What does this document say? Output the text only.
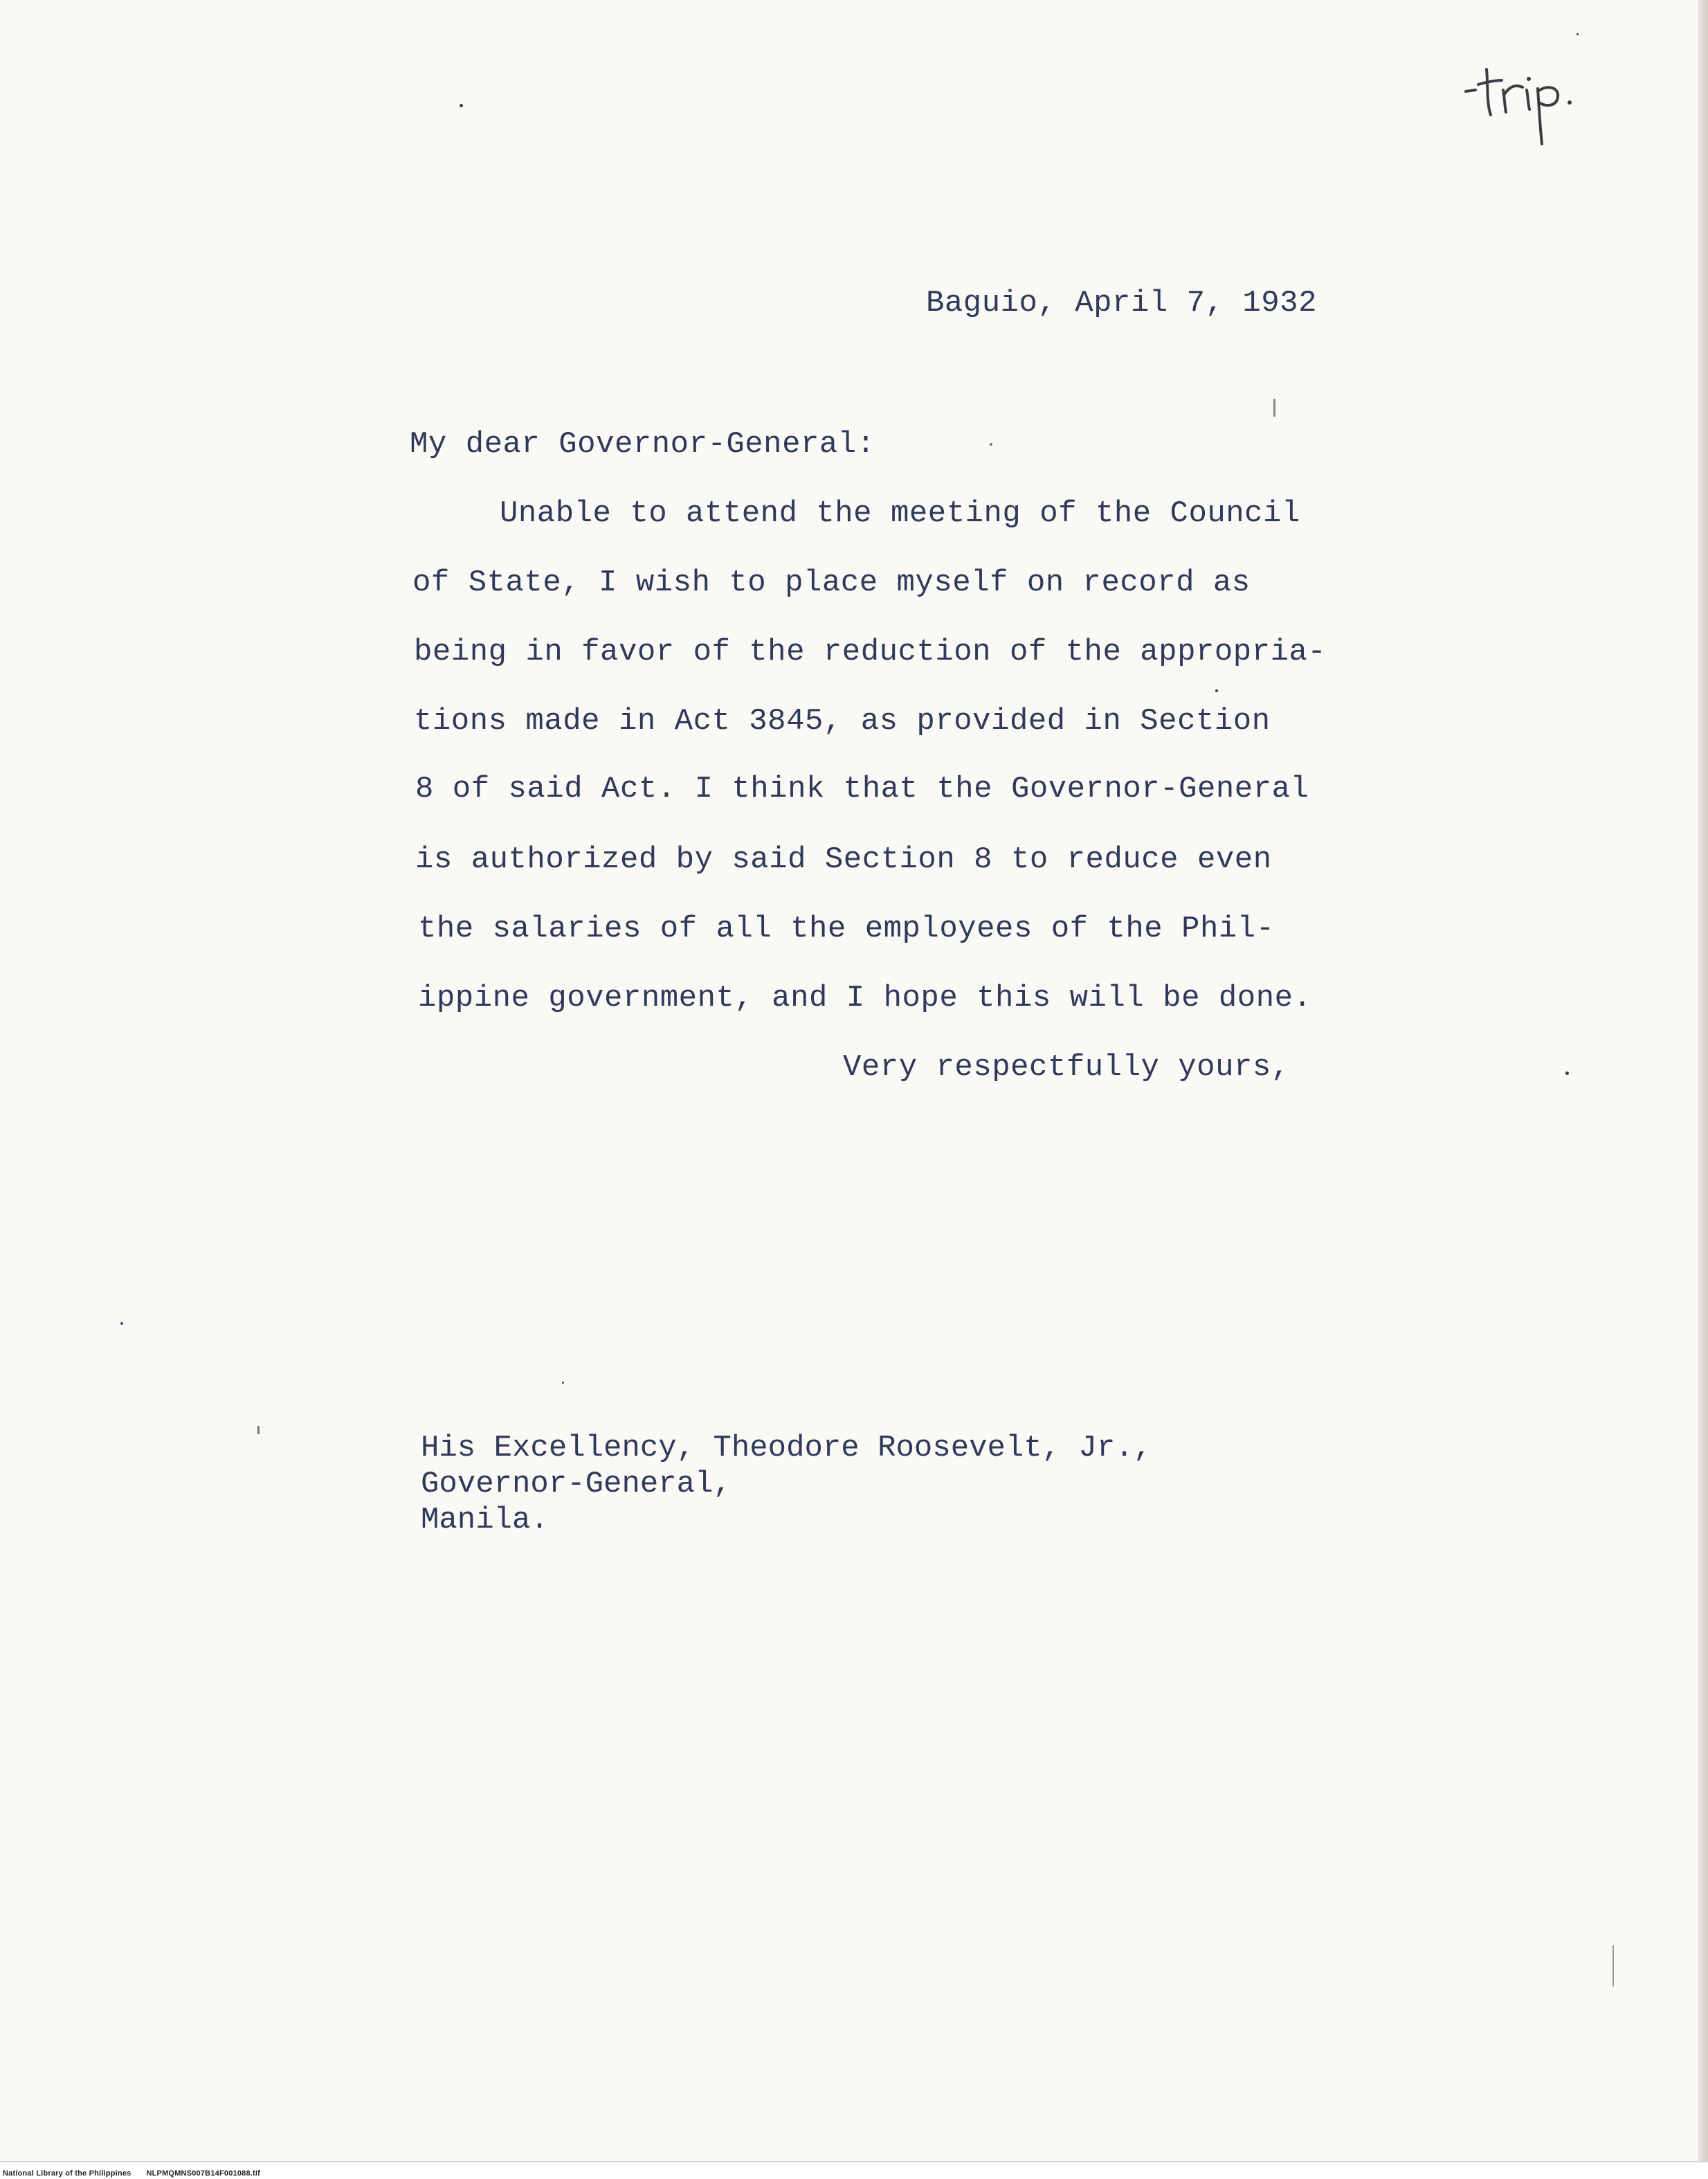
Baguio, April 7, 1932
My dear Governor-General:
Unable to attend the meeting of the Council
of State, I wish to place myself on record as
being in favor of the reduction of the appropria-
tions made in Act 3845, as provided in Section
8 of said Act. I think that the Governor-General
is authorized by said Section 8 to reduce even
the salaries of all the employees of the Phil-
ippine government, and I hope this will be done.
Very respectfully yours,
His Excellency, Theodore Roosevelt, Jr.,
Governor-General,
Manila.
National Library of the Philippines NLPMQMNS007B14F001088.tif
